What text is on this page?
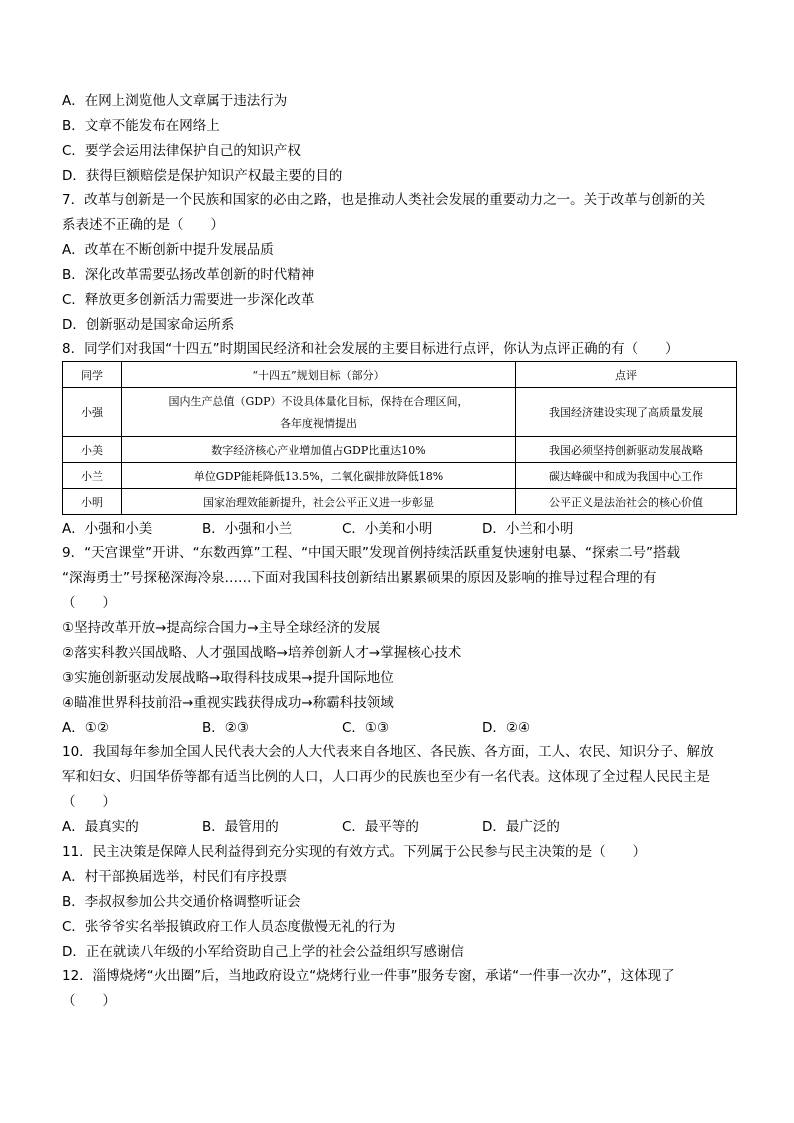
A．在网上浏览他人文章属于违法行为
B．文章不能发布在网络上
C．要学会运用法律保护自己的知识产权
D．获得巨额赔偿是保护知识产权最主要的目的
7．改革与创新是一个民族和国家的必由之路，也是推动人类社会发展的重要动力之一。关于改革与创新的关
系表述不正确的是（　　）
A．改革在不断创新中提升发展品质
B．深化改革需要弘扬改革创新的时代精神
C．释放更多创新活力需要进一步深化改革
D．创新驱动是国家命运所系
8．同学们对我国“十四五”时期国民经济和社会发展的主要目标进行点评，你认为点评正确的有（　　）
同学	“十四五”规划目标（部分）	点评
小强	国内生产总值（GDP）不设具体量化目标，保持在合理区间，
各年度视情提出	我国经济建设实现了高质量发展
小美	数字经济核心产业增加值占GDP比重达10%	我国必须坚持创新驱动发展战略
小兰	单位GDP能耗降低13.5%，二氧化碳排放降低18%	碳达峰碳中和成为我国中心工作
小明	国家治理效能新提升，社会公平正义进一步彰显	公平正义是法治社会的核心价值
A．小强和小美	B．小强和小兰	C．小美和小明	D．小兰和小明
9．“天宫课堂”开讲、“东数西算”工程、“中国天眼”发现首例持续活跃重复快速射电暴、“探索二号”搭载
“深海勇士”号探秘深海冷泉……下面对我国科技创新结出累累硕果的原因及影响的推导过程合理的有
（　　）
①坚持改革开放→提高综合国力→主导全球经济的发展
②落实科教兴国战略、人才强国战略→培养创新人才→掌握核心技术
③实施创新驱动发展战略→取得科技成果→提升国际地位
④瞄准世界科技前沿→重视实践获得成功→称霸科技领域
A．①②	B．②③	C．①③	D．②④
10．我国每年参加全国人民代表大会的人大代表来自各地区、各民族、各方面，工人、农民、知识分子、解放
军和妇女、归国华侨等都有适当比例的人口，人口再少的民族也至少有一名代表。这体现了全过程人民民主是
（　　）
A．最真实的	B．最管用的	C．最平等的	D．最广泛的
11．民主决策是保障人民利益得到充分实现的有效方式。下列属于公民参与民主决策的是（　　）
A．村干部换届选举，村民们有序投票
B．李叔叔参加公共交通价格调整听证会
C．张爷爷实名举报镇政府工作人员态度傲慢无礼的行为
D．正在就读八年级的小军给资助自己上学的社会公益组织写感谢信
12．淄博烧烤“火出圈”后，当地政府设立“烧烤行业一件事”服务专窗，承诺“一件事一次办”，这体现了
（　　）
